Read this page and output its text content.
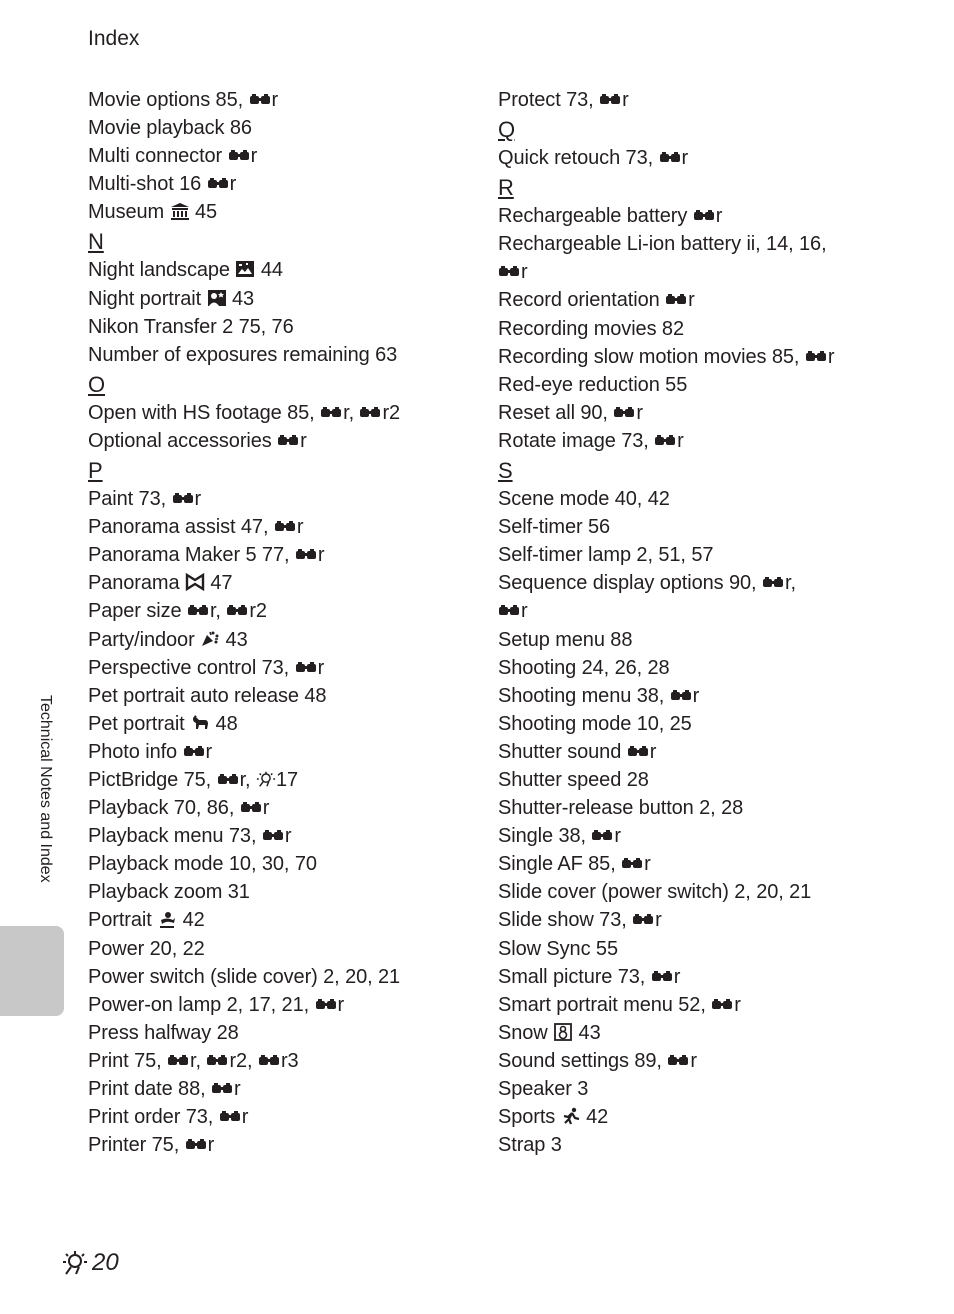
Index
Movie options 85, r
Movie playback 86
Multi connector r
Multi-shot 16 r
Museum  45
N
Night landscape  44
Night portrait  43
Nikon Transfer 2 75, 76
Number of exposures remaining 63
O
Open with HS footage 85, r, r2
Optional accessories r
P
Paint 73, r
Panorama assist 47, r
Panorama Maker 5 77, r
Panorama  47
Paper size r, r2
Party/indoor  43
Perspective control 73, r
Pet portrait auto release 48
Pet portrait  48
Photo info r
PictBridge 75, r, 17
Playback 70, 86, r
Playback menu 73, r
Playback mode 10, 30, 70
Playback zoom 31
Portrait  42
Power 20, 22
Power switch (slide cover) 2, 20, 21
Power-on lamp 2, 17, 21, r
Press halfway 28
Print 75, r, r2, r3
Print date 88, r
Print order 73, r
Printer 75, r
Protect 73, r
Q
Quick retouch 73, r
R
Rechargeable battery r
Rechargeable Li-ion battery ii, 14, 16,
r
Record orientation r
Recording movies 82
Recording slow motion movies 85, r
Red-eye reduction 55
Reset all 90, r
Rotate image 73, r
S
Scene mode 40, 42
Self-timer 56
Self-timer lamp 2, 51, 57
Sequence display options 90, r,
r
Setup menu 88
Shooting 24, 26, 28
Shooting menu 38, r
Shooting mode 10, 25
Shutter sound r
Shutter speed 28
Shutter-release button 2, 28
Single 38, r
Single AF 85, r
Slide cover (power switch) 2, 20, 21
Slide show 73, r
Slow Sync 55
Small picture 73, r
Smart portrait menu 52, r
Snow  43
Sound settings 89, r
Speaker 3
Sports  42
Strap 3
Technical Notes and Index
20
